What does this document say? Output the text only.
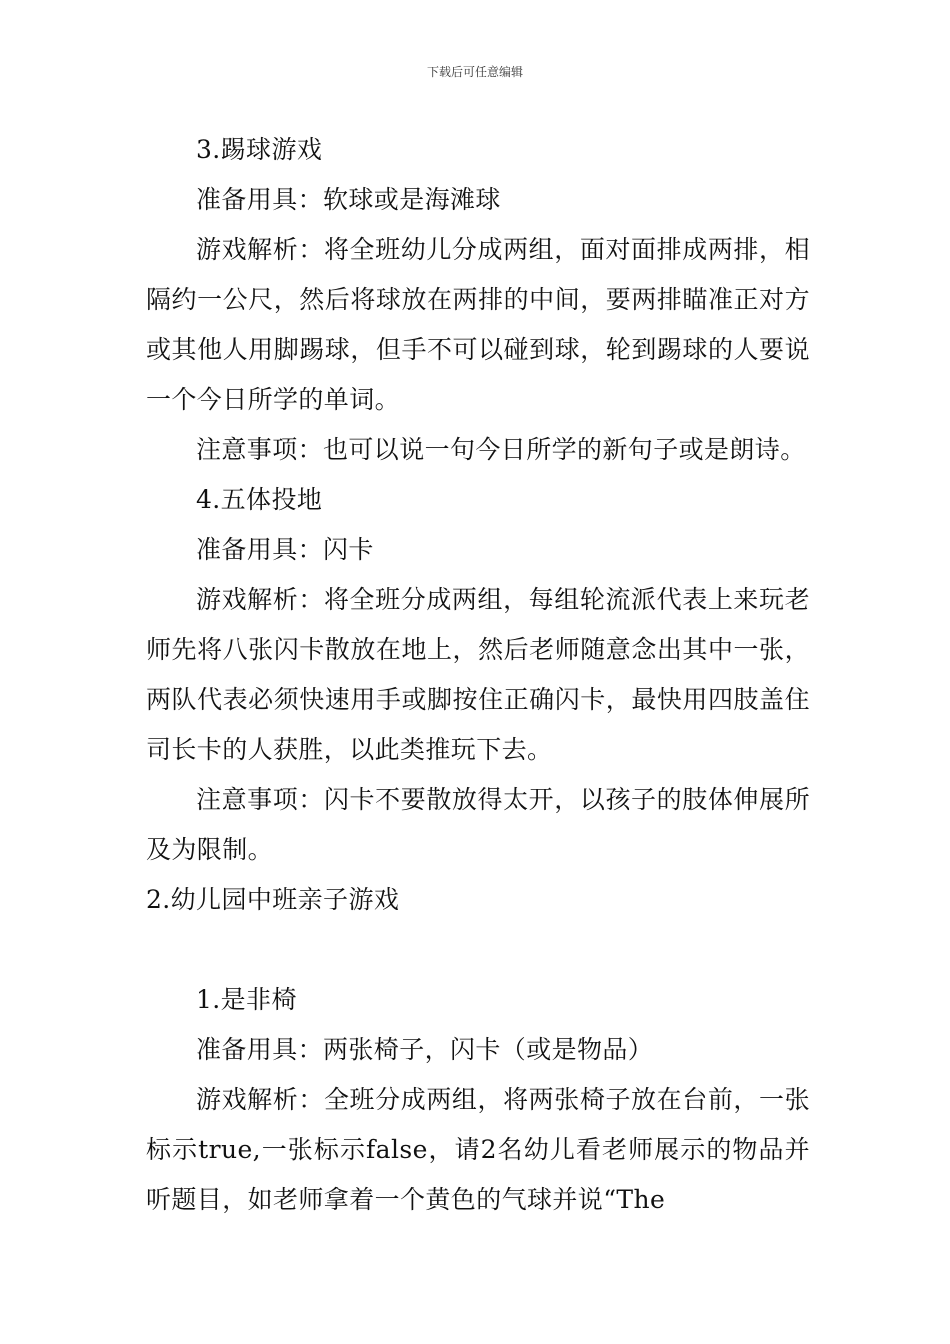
下载后可任意编辑

3.踢球游戏

准备用具：软球或是海滩球

游戏解析：将全班幼儿分成两组，面对面排成两排，相隔约一公尺，然后将球放在两排的中间，要两排瞄准正对方或其他人用脚踢球，但手不可以碰到球，轮到踢球的人要说一个今日所学的单词。

注意事项：也可以说一句今日所学的新句子或是朗诗。

4.五体投地

准备用具：闪卡

游戏解析：将全班分成两组，每组轮流派代表上来玩老师先将八张闪卡散放在地上，然后老师随意念出其中一张，两队代表必须快速用手或脚按住正确闪卡，最快用四肢盖住司长卡的人获胜，以此类推玩下去。

注意事项：闪卡不要散放得太开，以孩子的肢体伸展所及为限制。

2.幼儿园中班亲子游戏

1.是非椅

准备用具：两张椅子，闪卡（或是物品）

游戏解析：全班分成两组，将两张椅子放在台前，一张标示true,一张标示false，请2名幼儿看老师展示的物品并听题目，如老师拿着一个黄色的气球并说“The
